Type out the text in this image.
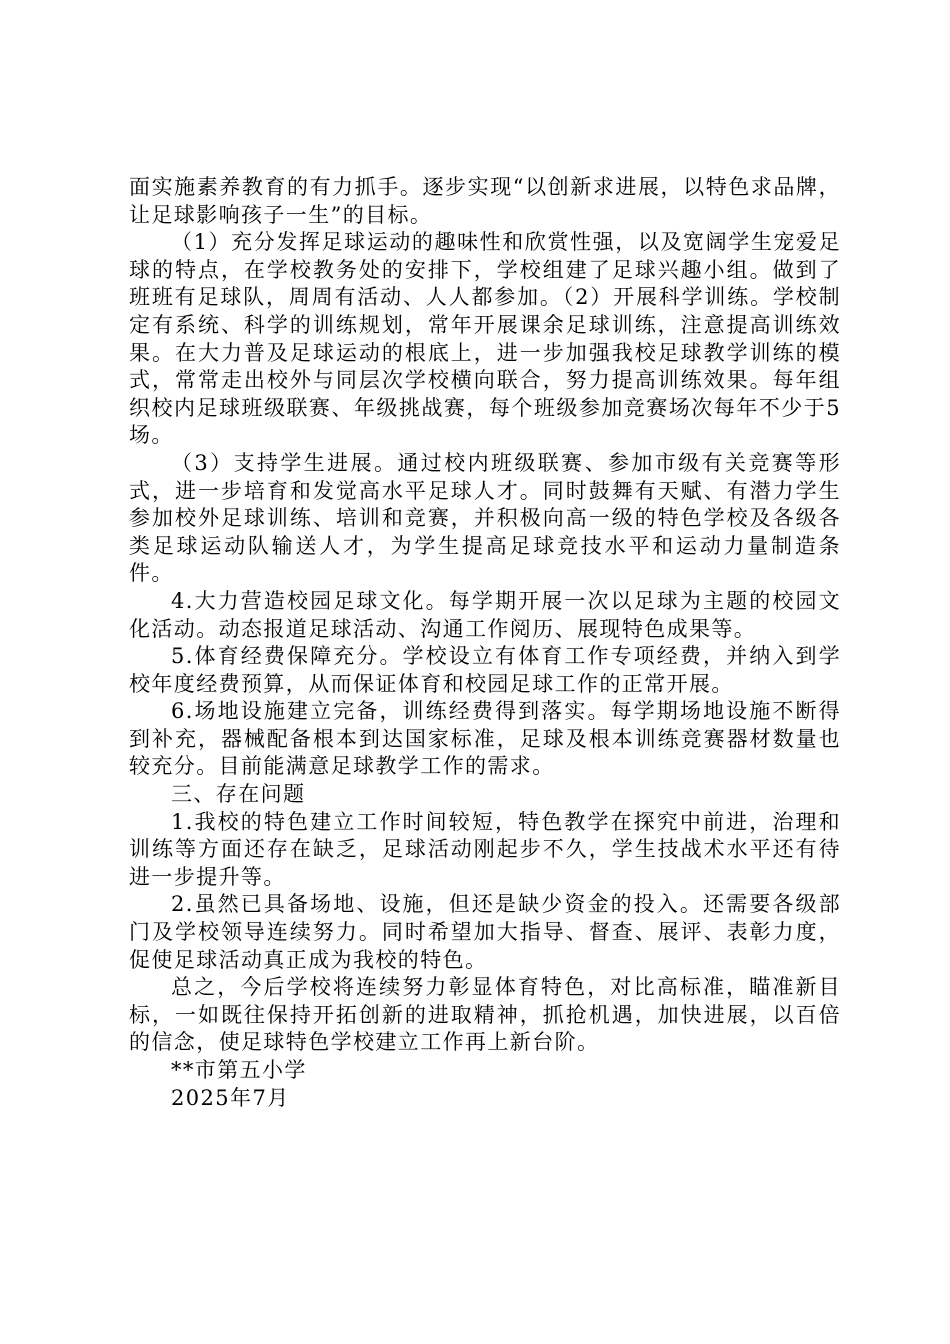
面实施素养教育的有力抓手。逐步实现“以创新求进展，以特色求品牌，让足球影响孩子一生”的目标。

（1）充分发挥足球运动的趣味性和欣赏性强，以及宽阔学生宠爱足球的特点，在学校教务处的安排下，学校组建了足球兴趣小组。做到了班班有足球队，周周有活动、人人都参加。（2）开展科学训练。学校制定有系统、科学的训练规划，常年开展课余足球训练，注意提高训练效果。在大力普及足球运动的根底上，进一步加强我校足球教学训练的模式，常常走出校外与同层次学校横向联合，努力提高训练效果。每年组织校内足球班级联赛、年级挑战赛，每个班级参加竞赛场次每年不少于5场。

（3）支持学生进展。通过校内班级联赛、参加市级有关竞赛等形式，进一步培育和发觉高水平足球人才。同时鼓舞有天赋、有潜力学生参加校外足球训练、培训和竞赛，并积极向高一级的特色学校及各级各类足球运动队输送人才，为学生提高足球竞技水平和运动力量制造条件。

4.大力营造校园足球文化。每学期开展一次以足球为主题的校园文化活动。动态报道足球活动、沟通工作阅历、展现特色成果等。

5.体育经费保障充分。学校设立有体育工作专项经费，并纳入到学校年度经费预算，从而保证体育和校园足球工作的正常开展。

6.场地设施建立完备，训练经费得到落实。每学期场地设施不断得到补充，器械配备根本到达国家标准，足球及根本训练竞赛器材数量也较充分。目前能满意足球教学工作的需求。

三、存在问题

1.我校的特色建立工作时间较短，特色教学在探究中前进，治理和训练等方面还存在缺乏，足球活动刚起步不久，学生技战术水平还有待进一步提升等。

2.虽然已具备场地、设施，但还是缺少资金的投入。还需要各级部门及学校领导连续努力。同时希望加大指导、督查、展评、表彰力度，促使足球活动真正成为我校的特色。

总之，今后学校将连续努力彰显体育特色，对比高标准，瞄准新目标，一如既往保持开拓创新的进取精神，抓抢机遇，加快进展，以百倍的信念，使足球特色学校建立工作再上新台阶。

**市第五小学

2025年7月
